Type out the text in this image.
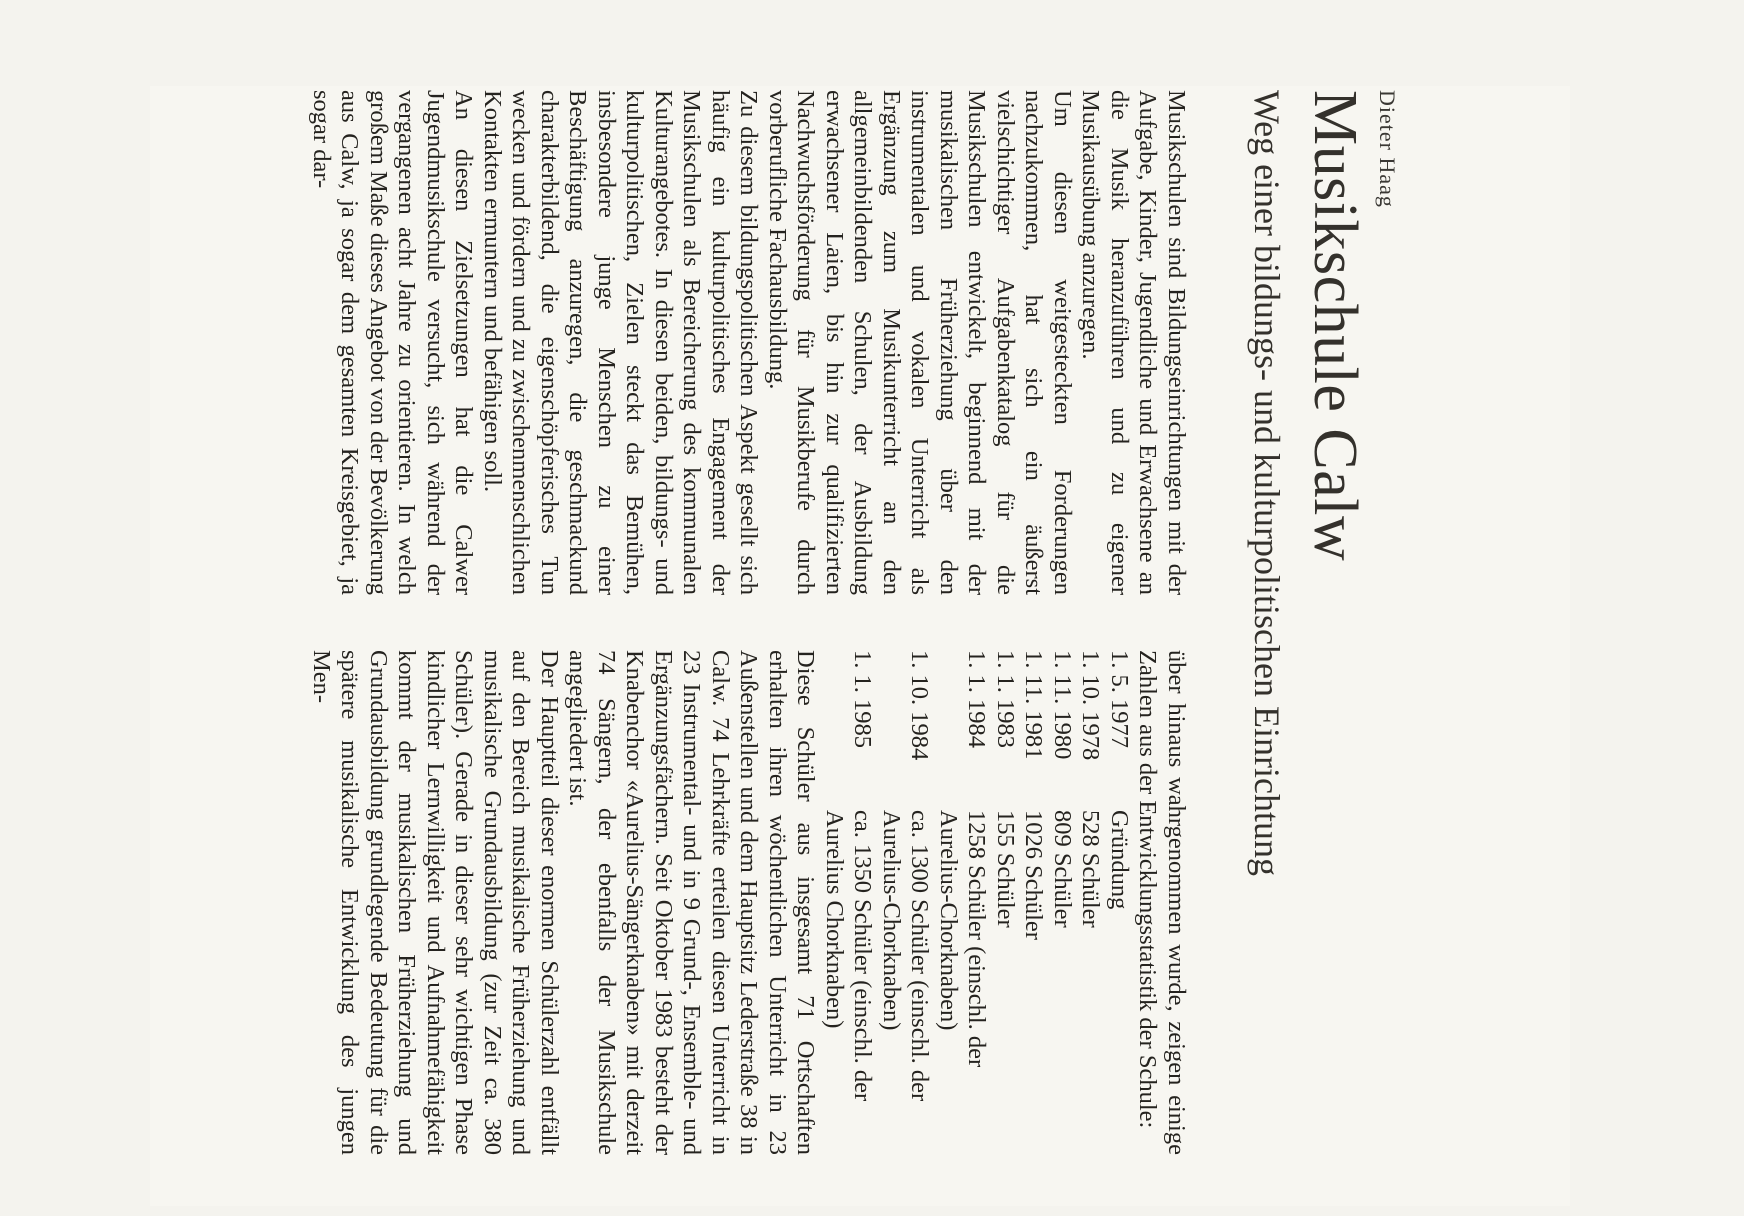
Dieter Haag
Musikschule Calw
Weg einer bildungs- und kulturpolitischen Einrichtung

Musikschulen sind Bildungseinrichtungen mit der Aufgabe, Kinder, Jugendliche und Erwachsene an die Musik heranzuführen und zu eigener Musikausübung anzuregen.

Um diesen weitgesteckten Forderungen nachzukommen, hat sich ein äußerst vielschichtiger Aufgabenkatalog für die Musikschulen entwickelt, beginnend mit der musikalischen Früherziehung über den instrumentalen und vokalen Unterricht als Ergänzung zum Musikunterricht an den allgemeinbildenden Schulen, der Ausbildung erwachsener Laien, bis hin zur qualifizierten Nachwuchsförderung für Musikberufe durch vorberufliche Fachausbildung.

Zu diesem bildungspolitischen Aspekt gesellt sich häufig ein kulturpolitisches Engagement der Musikschulen als Bereicherung des kommunalen Kulturangebotes. In diesen beiden, bildungs- und kulturpolitischen, Zielen steckt das Bemühen, insbesondere junge Menschen zu einer Beschäftigung anzuregen, die geschmackund charakterbildend, die eigenschöpferisches Tun wecken und fördern und zu zwischenmenschlichen Kontakten ermuntern und befähigen soll.

An diesen Zielsetzungen hat die Calwer Jugendmusikschule versucht, sich während der vergangenen acht Jahre zu orientieren. In welch großem Maße dieses Angebot von der Bevölkerung aus Calw, ja sogar dem gesamten Kreisgebiet, ja sogar dar-

über hinaus wahrgenommen wurde, zeigen einige Zahlen aus der Entwicklungsstatistik der Schule:

1. 5. 1977
Gründung
1. 10. 1978
528 Schüler
1. 11. 1980
809 Schüler
1. 11. 1981
1026 Schüler
1. 1. 1983
155 Schüler
1. 1. 1984
1258 Schüler (einschl. der Aurelius-Chorknaben)
1. 10. 1984
ca. 1300 Schüler (einschl. der Aurelius-Chorknaben)
1. 1. 1985
ca. 1350 Schüler (einschl. der Aurelius Chorknaben)

Diese Schüler aus insgesamt 71 Ortschaften erhalten ihren wöchentlichen Unterricht in 23 Außenstellen und dem Hauptsitz Lederstraße 38 in Calw. 74 Lehrkräfte erteilen diesen Unterricht in 23 Instrumental- und in 9 Grund-, Ensemble- und Ergänzungsfächern. Seit Oktober 1983 besteht der Knabenchor «Aurelius-Sängerknaben» mit derzeit 74 Sängern, der ebenfalls der Musikschule angegliedert ist.

Der Hauptteil dieser enormen Schülerzahl entfällt auf den Bereich musikalische Früherziehung und musikalische Grundausbildung (zur Zeit ca. 380 Schüler). Gerade in dieser sehr wichtigen Phase kindlicher Lernwilligkeit und Aufnahmefähigkeit kommt der musikalischen Früherziehung und Grundausbildung grundlegende Bedeutung für die spätere musikalische Entwicklung des jungen Men-
